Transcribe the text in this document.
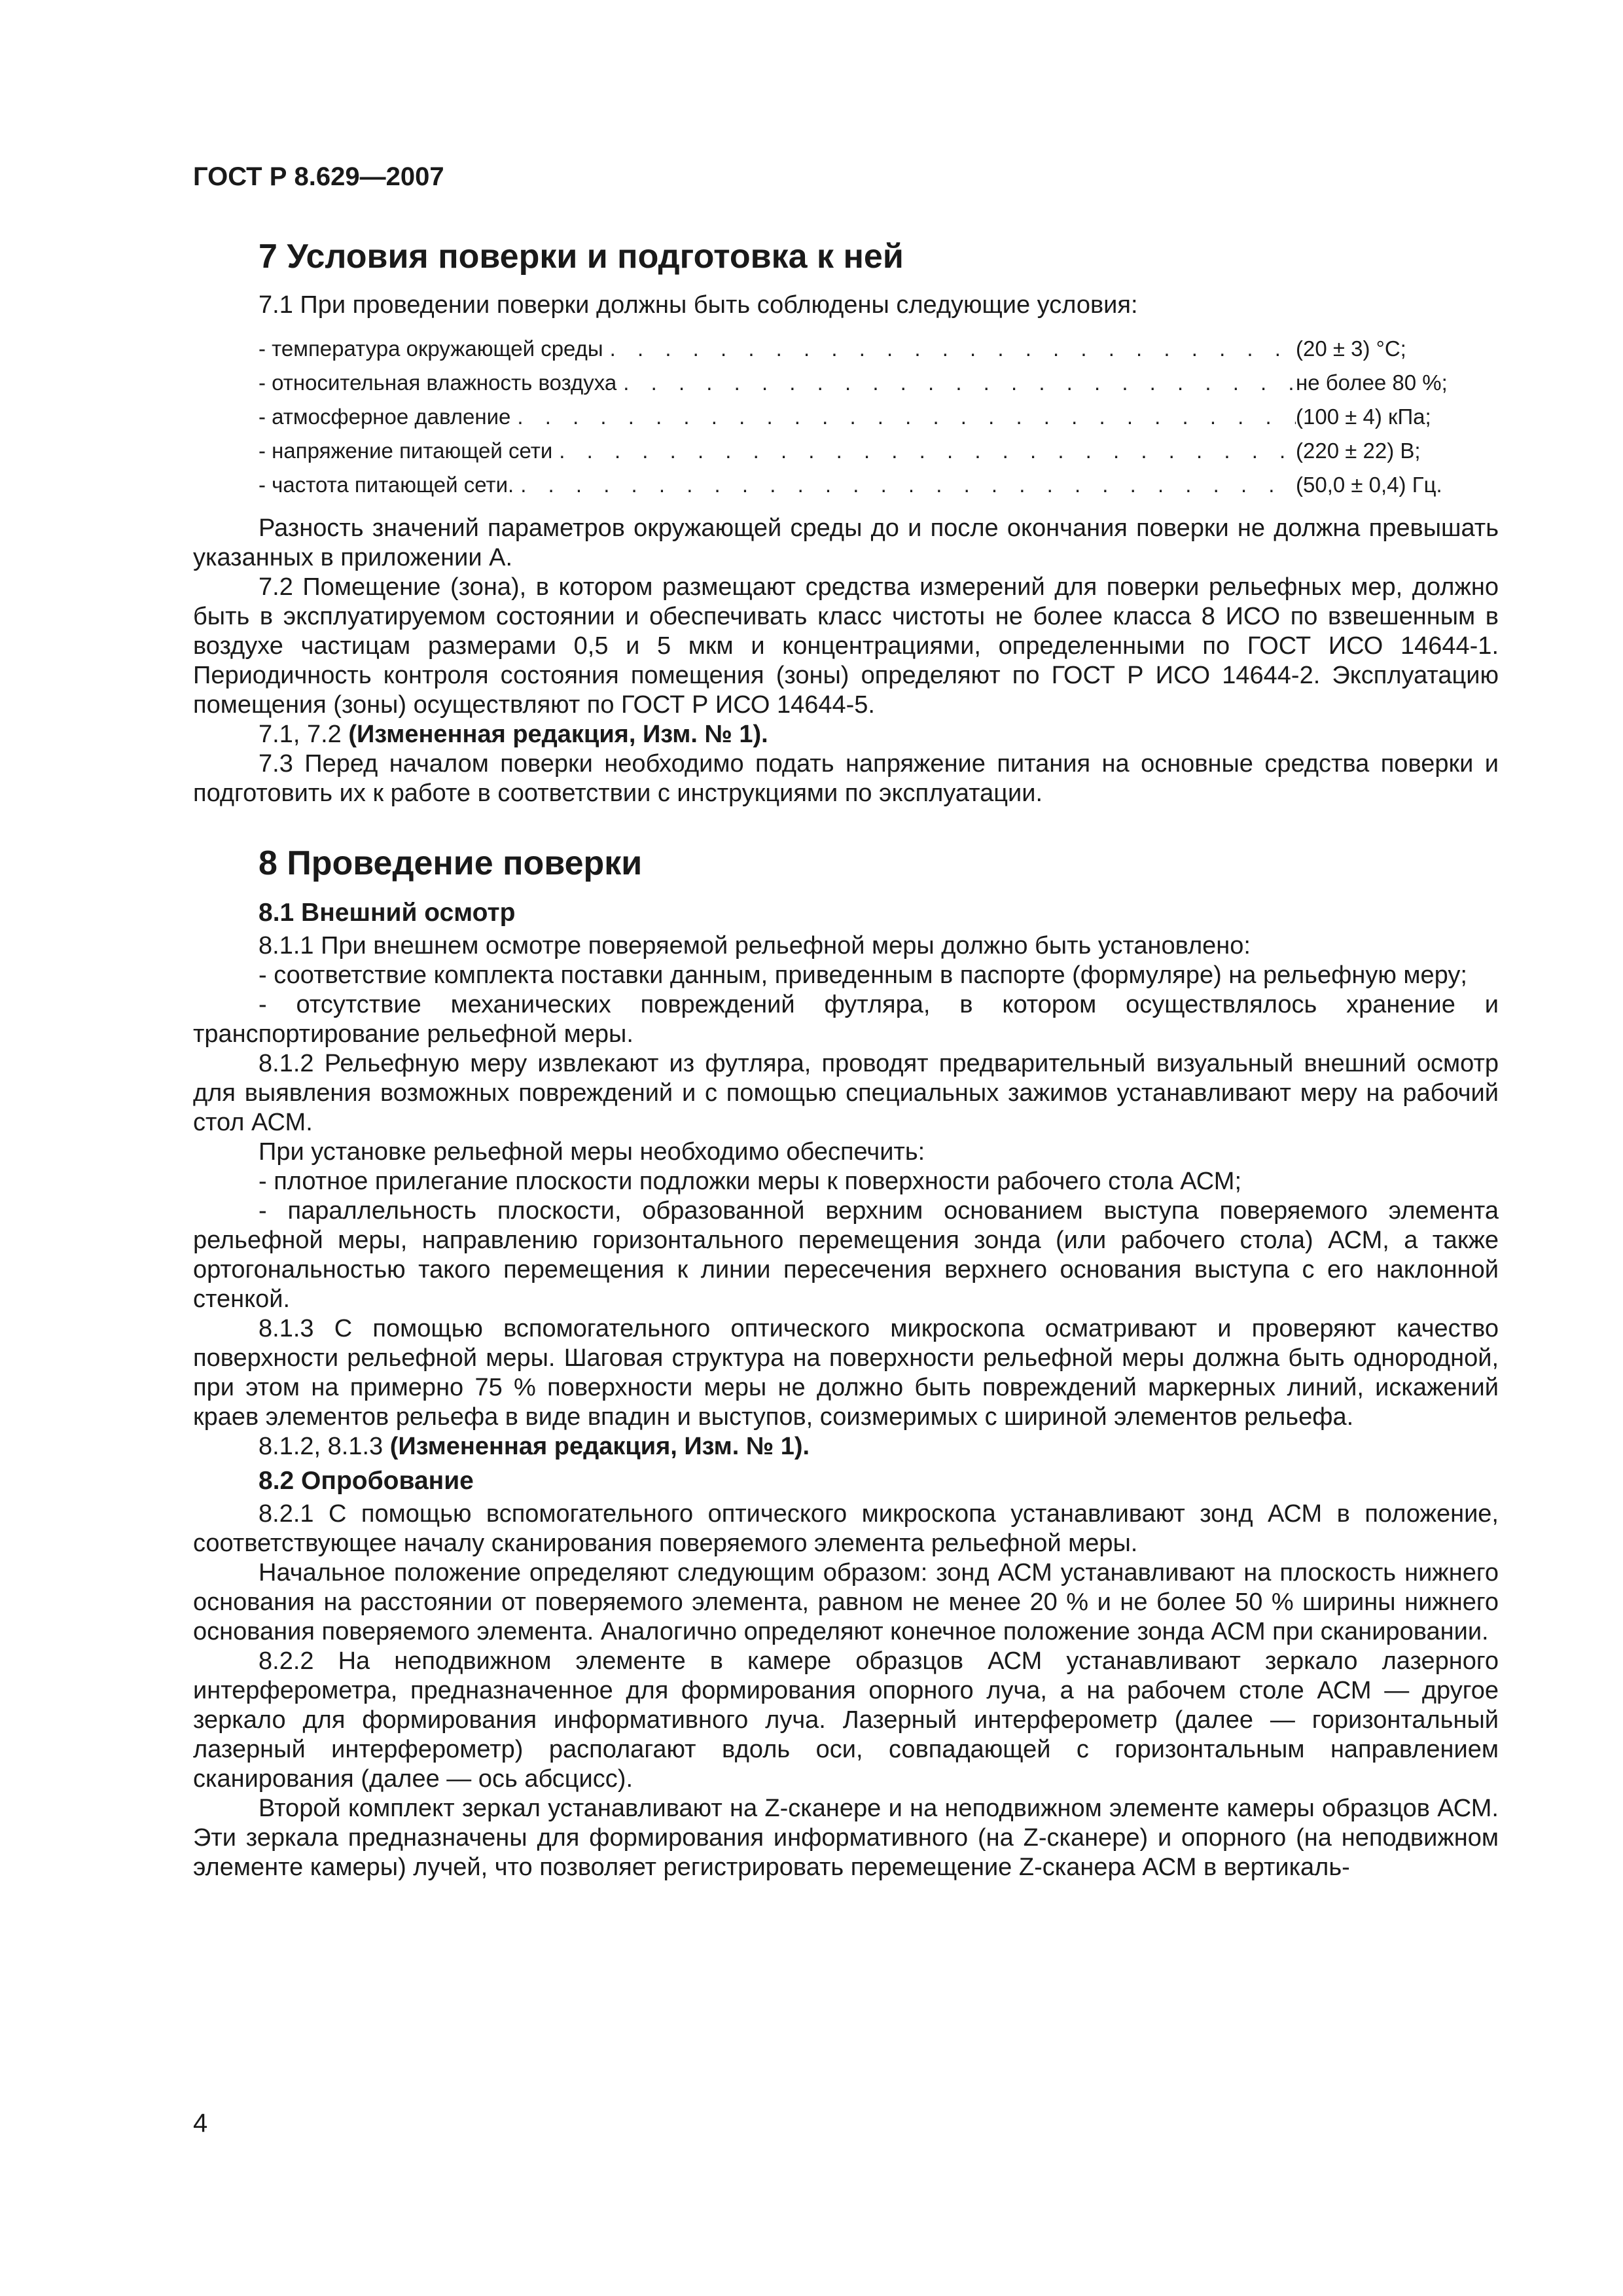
ГОСТ Р 8.629—2007
7 Условия поверки и подготовка к ней

7.1 При проведении поверки должны быть соблюдены следующие условия:

- температура окружающей среды . . .	(20 ± 3) °С;
- относительная влажность воздуха . . .	не более 80 %;
- атмосферное давление . . .	(100 ± 4) кПа;
- напряжение питающей сети . . .	(220 ± 22) В;
- частота питающей сети. . . .	(50,0 ± 0,4) Гц.

Разность значений параметров окружающей среды до и после окончания поверки не должна превышать указанных в приложении А.

7.2 Помещение (зона), в котором размещают средства измерений для поверки рельефных мер, должно быть в эксплуатируемом состоянии и обеспечивать класс чистоты не более класса 8 ИСО по взвешенным в воздухе частицам размерами 0,5 и 5 мкм и концентрациями, определенными по ГОСТ ИСО 14644-1. Периодичность контроля состояния помещения (зоны) определяют по ГОСТ Р ИСО 14644-2. Эксплуатацию помещения (зоны) осуществляют по ГОСТ Р ИСО 14644-5.

7.1, 7.2 (Измененная редакция, Изм. № 1).

7.3 Перед началом поверки необходимо подать напряжение питания на основные средства поверки и подготовить их к работе в соответствии с инструкциями по эксплуатации.

8 Проведение поверки
8.1 Внешний осмотр

8.1.1 При внешнем осмотре поверяемой рельефной меры должно быть установлено:

- соответствие комплекта поставки данным, приведенным в паспорте (формуляре) на рельефную меру;

- отсутствие механических повреждений футляра, в котором осуществлялось хранение и транспортирование рельефной меры.

8.1.2 Рельефную меру извлекают из футляра, проводят предварительный визуальный внешний осмотр для выявления возможных повреждений и с помощью специальных зажимов устанавливают меру на рабочий стол АСМ.

При установке рельефной меры необходимо обеспечить:

- плотное прилегание плоскости подложки меры к поверхности рабочего стола АСМ;

- параллельность плоскости, образованной верхним основанием выступа поверяемого элемента рельефной меры, направлению горизонтального перемещения зонда (или рабочего стола) АСМ, а также ортогональностью такого перемещения к линии пересечения верхнего основания выступа с его наклонной стенкой.

8.1.3 С помощью вспомогательного оптического микроскопа осматривают и проверяют качество поверхности рельефной меры. Шаговая структура на поверхности рельефной меры должна быть однородной, при этом на примерно 75 % поверхности меры не должно быть повреждений маркерных линий, искажений краев элементов рельефа в виде впадин и выступов, соизмеримых с шириной элементов рельефа.

8.1.2, 8.1.3 (Измененная редакция, Изм. № 1).

8.2 Опробование

8.2.1 С помощью вспомогательного оптического микроскопа устанавливают зонд АСМ в положение, соответствующее началу сканирования поверяемого элемента рельефной меры.

Начальное положение определяют следующим образом: зонд АСМ устанавливают на плоскость нижнего основания на расстоянии от поверяемого элемента, равном не менее 20 % и не более 50 % ширины нижнего основания поверяемого элемента. Аналогично определяют конечное положение зонда АСМ при сканировании.

8.2.2 На неподвижном элементе в камере образцов АСМ устанавливают зеркало лазерного интерферометра, предназначенное для формирования опорного луча, а на рабочем столе АСМ — другое зеркало для формирования информативного луча. Лазерный интерферометр (далее — горизонтальный лазерный интерферометр) располагают вдоль оси, совпадающей с горизонтальным направлением сканирования (далее — ось абсцисс).

Второй комплект зеркал устанавливают на Z-сканере и на неподвижном элементе камеры образцов АСМ. Эти зеркала предназначены для формирования информативного (на Z-сканере) и опорного (на неподвижном элементе камеры) лучей, что позволяет регистрировать перемещение Z-сканера АСМ в вертикаль-

4
